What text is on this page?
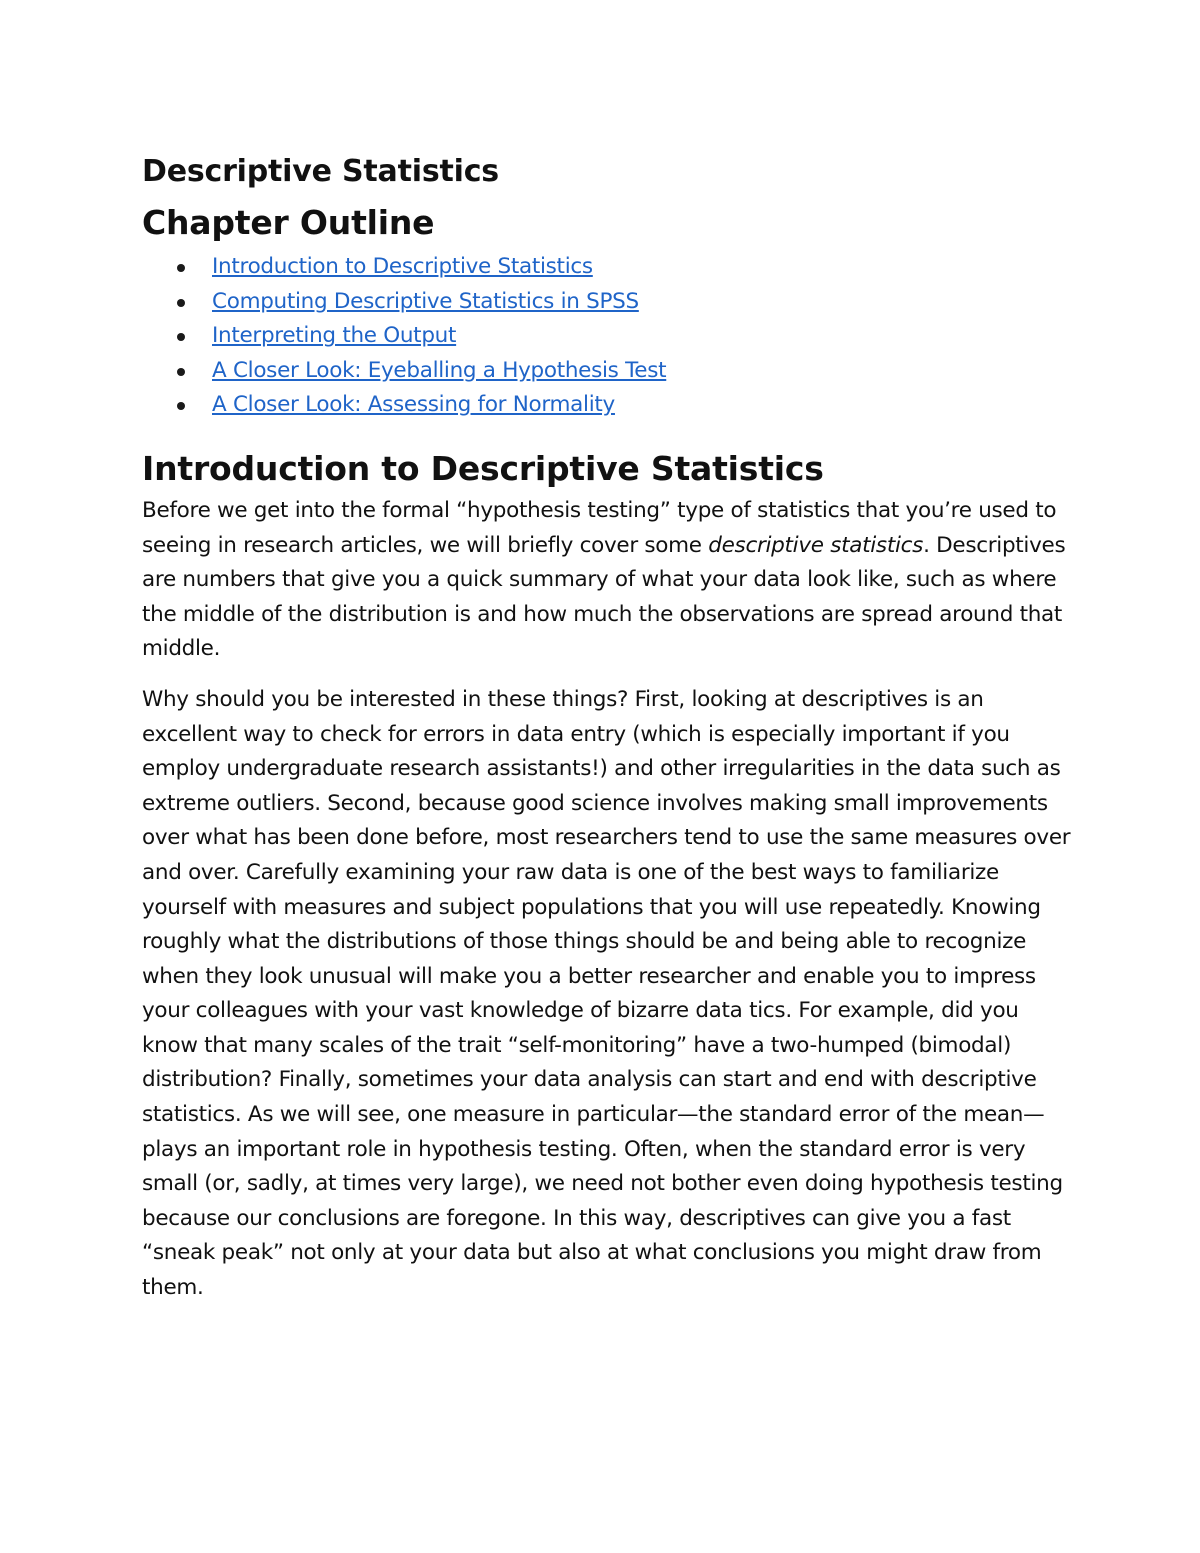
Descriptive Statistics
Chapter Outline
Introduction to Descriptive Statistics
Computing Descriptive Statistics in SPSS
Interpreting the Output
A Closer Look: Eyeballing a Hypothesis Test
A Closer Look: Assessing for Normality
Introduction to Descriptive Statistics

Before we get into the formal “hypothesis testing” type of statistics that you’re used to seeing in research articles, we will briefly cover some descriptive statistics. Descriptives are numbers that give you a quick summary of what your data look like, such as where the middle of the distribution is and how much the observations are spread around that middle.

Why should you be interested in these things? First, looking at descriptives is an excellent way to check for errors in data entry (which is especially important if you employ undergraduate research assistants!) and other irregularities in the data such as extreme outliers. Second, because good science involves making small improvements over what has been done before, most researchers tend to use the same measures over and over. Carefully examining your raw data is one of the best ways to familiarize yourself with measures and subject populations that you will use repeatedly. Knowing roughly what the distributions of those things should be and being able to recognize when they look unusual will make you a better researcher and enable you to impress your colleagues with your vast knowledge of bizarre data tics. For example, did you know that many scales of the trait “self-monitoring” have a two-humped (bimodal) distribution? Finally, sometimes your data analysis can start and end with descriptive statistics. As we will see, one measure in particular—the standard error of the mean—plays an important role in hypothesis testing. Often, when the standard error is very small (or, sadly, at times very large), we need not bother even doing hypothesis testing because our conclusions are foregone. In this way, descriptives can give you a fast “sneak peak” not only at your data but also at what conclusions you might draw from them.
